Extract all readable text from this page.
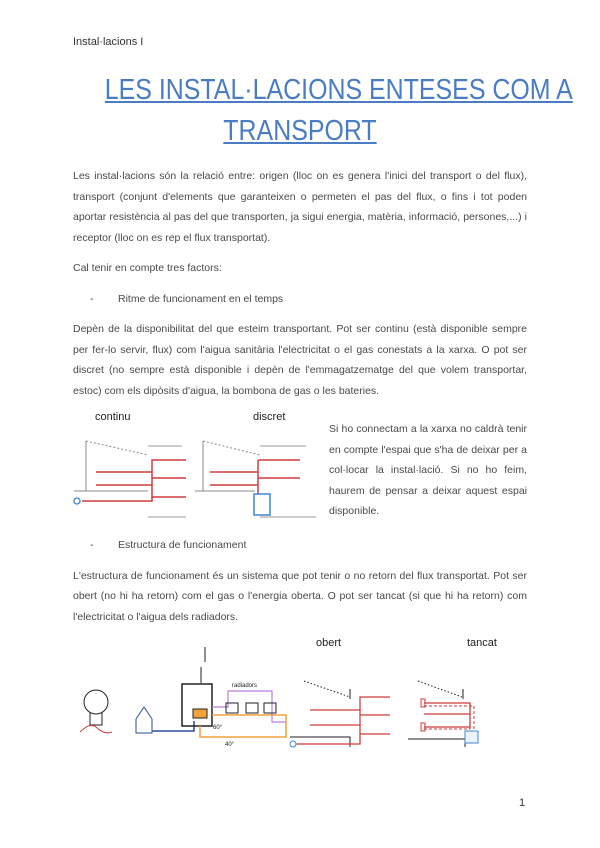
Instal·lacions I
LES INSTAL·LACIONS ENTESES COM A
TRANSPORT
Les instal·lacions són la relació entre: origen (lloc on es genera l'inici del transport o del flux), transport (conjunt d'elements que garanteixen o permeten el pas del flux, o fins i tot poden aportar resistència al pas del que transporten, ja sigui energia, matèria, informació, persones,...) i receptor (lloc on es rep el flux transportat).
Cal tenir en compte tres factors:
- Ritme de funcionament en el temps
Depèn de la disponibilitat del que esteim transportant. Pot ser continu (està disponible sempre per fer-lo servir, flux) com l'aigua sanitària l'electricitat o el gas conestats a la xarxa. O pot ser discret (no sempre està disponible i depèn de l'emmagatzematge del que volem transportar, estoc) com els dipòsits d'aigua, la bombona de gas o les bateries.
continu	discret
Si ho connectam a la xarxa no caldrà tenir en compte l'espai que s'ha de deixar per a col·locar la instal·lació. Si no ho feim, haurem de pensar a deixar aquest espai disponible.
- Estructura de funcionament
L'estructura de funcionament és un sistema que pot tenir o no retorn del flux transportat. Pot ser obert (no hi ha retorn) com el gas o l'energia oberta. O pot ser tancat (si que hi ha retorn) com l'electricitat o l'aigua dels radiadors.
obert	tancat
radiadors
60°
40°
1
